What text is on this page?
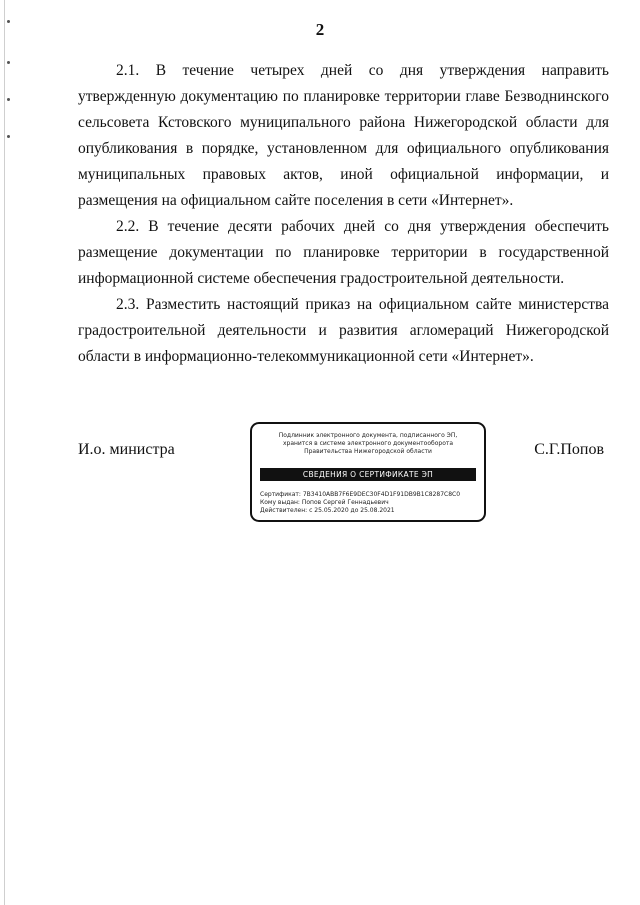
2

2.1. В течение четырех дней со дня утверждения направить утвержденную документацию по планировке территории главе Безводнинского сельсовета Кстовского муниципального района Нижегородской области для опубликования в порядке, установленном для официального опубликования муниципальных правовых актов, иной официальной информации, и размещения на официальном сайте поселения в сети «Интернет».

2.2. В течение десяти рабочих дней со дня утверждения обеспечить размещение документации по планировке территории в государственной информационной системе обеспечения градостроительной деятельности.

2.3. Разместить настоящий приказ на официальном сайте министерства градостроительной деятельности и развития агломераций Нижегородской области в информационно-телекоммуникационной сети «Интернет».

И.о. министра
Подлинник электронного документа, подписанного ЭП,
хранится в системе электронного документооборота
Правительства Нижегородской области
СВЕДЕНИЯ О СЕРТИФИКАТЕ ЭП
Сертификат: 7B3410ABB7F6E9DEC30F4D1F91DB9B1C8287C8C0
Кому выдан: Попов Сергей Геннадьевич
Действителен: с 25.05.2020 до 25.08.2021
С.Г.Попов
